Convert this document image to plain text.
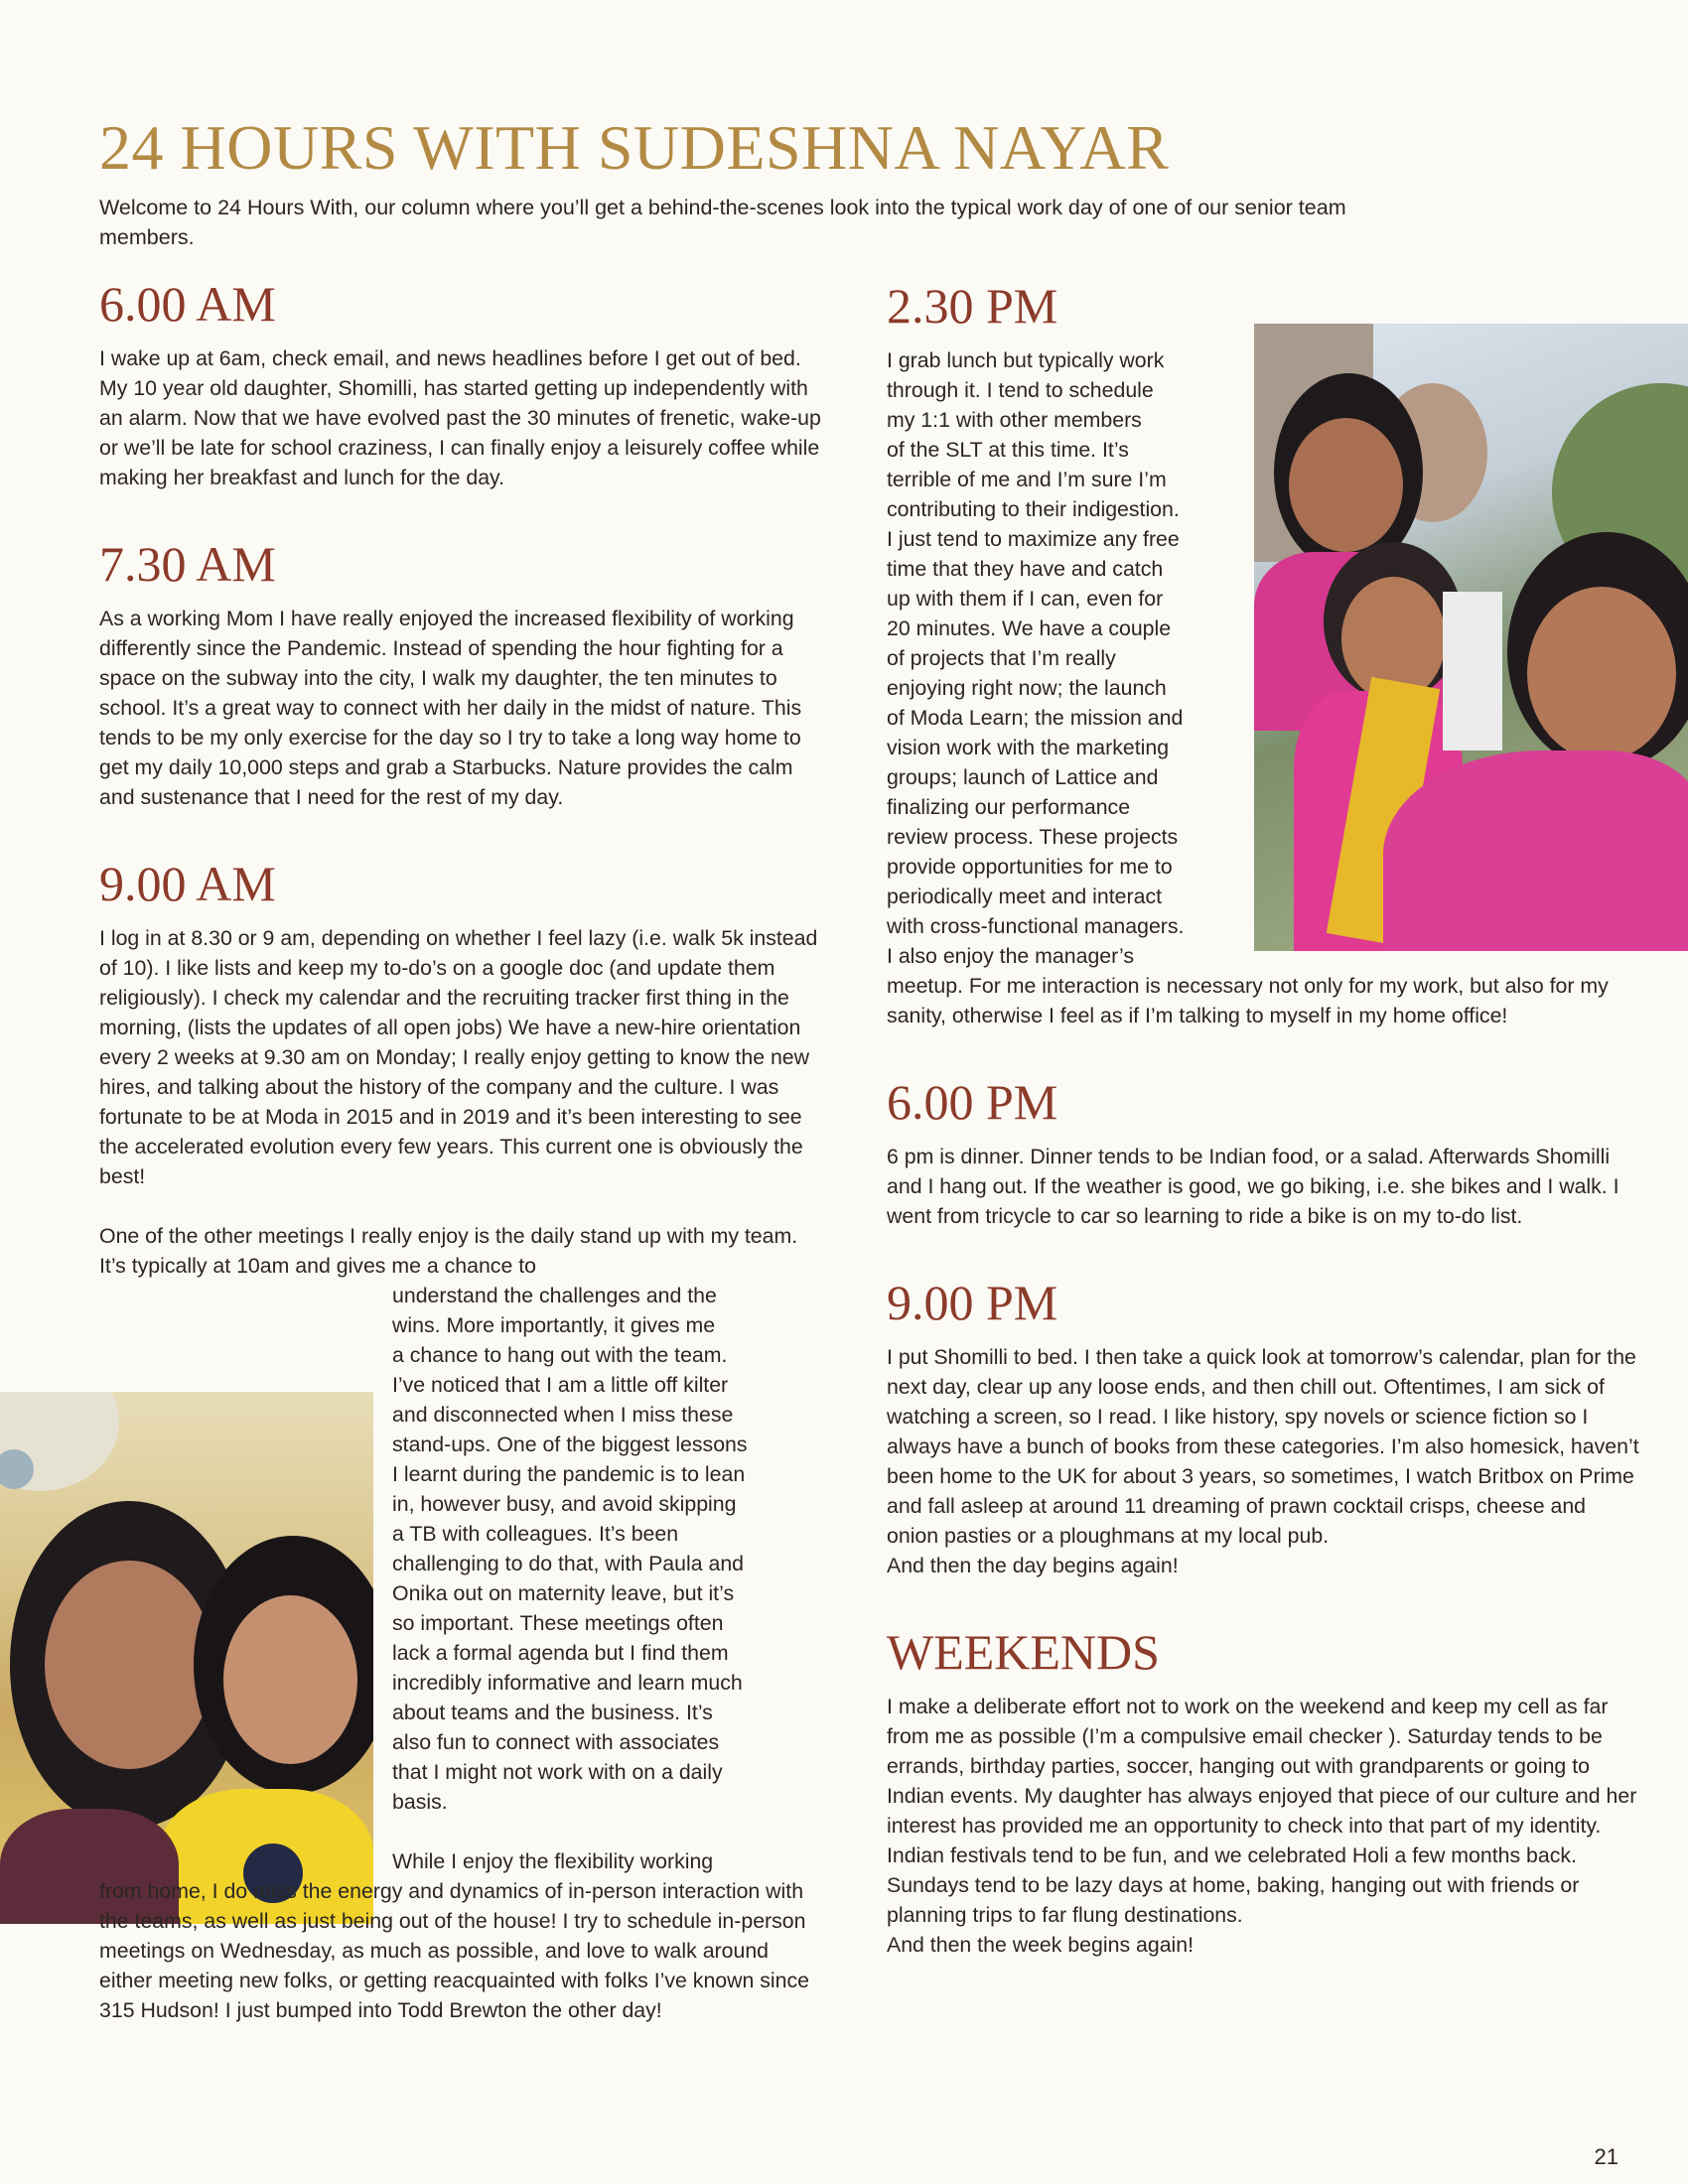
24 HOURS WITH SUDESHNA NAYAR

Welcome to 24 Hours With, our column where you’ll get a behind-the-scenes look into the typical work day of one of our senior team members.

6.00 AM

I wake up at 6am, check email, and news headlines before I get out of bed. My 10 year old daughter, Shomilli, has started getting up independently with an alarm. Now that we have evolved past the 30 minutes of frenetic, wake-up or we’ll be late for school craziness, I can finally enjoy a leisurely coffee while making her breakfast and lunch for the day.

7.30 AM

As a working Mom I have really enjoyed the increased flexibility of working differently since the Pandemic. Instead of spending the hour fighting for a space on the subway into the city, I walk my daughter, the ten minutes to school. It’s a great way to connect with her daily in the midst of nature. This tends to be my only exercise for the day so I try to take a long way home to get my daily 10,000 steps and grab a Starbucks. Nature provides the calm and sustenance that I need for the rest of my day.

9.00 AM

I log in at 8.30 or 9 am, depending on whether I feel lazy (i.e. walk 5k instead of 10). I like lists and keep my to-do’s on a google doc (and update them religiously). I check my calendar and the recruiting tracker first thing in the morning, (lists the updates of all open jobs) We have a new-hire orientation every 2 weeks at 9.30 am on Monday; I really enjoy getting to know the new hires, and talking about the history of the company and the culture. I was fortunate to be at Moda in 2015 and in 2019 and it’s been interesting to see the accelerated evolution every few years. This current one is obviously the best!

One of the other meetings I really enjoy is the daily stand up with my team. It’s typically at 10am and gives me a chance to

understand the challenges and the
wins. More importantly, it gives me
a chance to hang out with the team.
I’ve noticed that I am a little off kilter
and disconnected when I miss these
stand-ups. One of the biggest lessons
I learnt during the pandemic is to lean
in, however busy, and avoid skipping
a TB with colleagues. It’s been
challenging to do that, with Paula and
Onika out on maternity leave, but it’s
so important. These meetings often
lack a formal agenda but I find them
incredibly informative and learn much
about teams and the business. It’s
also fun to connect with associates
that I might not work with on a daily
basis.

While I enjoy the flexibility working

from home, I do miss the energy and dynamics of in-person interaction with the teams, as well as just being out of the house! I try to schedule in-person meetings on Wednesday, as much as possible, and love to walk around either meeting new folks, or getting reacquainted with folks I’ve known since 315 Hudson! I just bumped into Todd Brewton the other day!

2.30 PM

I grab lunch but typically work
through it. I tend to schedule
my 1:1 with other members
of the SLT at this time. It’s
terrible of me and I’m sure I’m
contributing to their indigestion.
I just tend to maximize any free
time that they have and catch
up with them if I can, even for
20 minutes. We have a couple
of projects that I’m really
enjoying right now; the launch
of Moda Learn; the mission and
vision work with the marketing
groups; launch of Lattice and
finalizing our performance
review process. These projects
provide opportunities for me to
periodically meet and interact
with cross-functional managers.
I also enjoy the manager’s

meetup. For me interaction is necessary not only for my work, but also for my sanity, otherwise I feel as if I’m talking to myself in my home office!

6.00 PM

6 pm is dinner. Dinner tends to be Indian food, or a salad. Afterwards Shomilli and I hang out. If the weather is good, we go biking, i.e. she bikes and I walk. I went from tricycle to car so learning to ride a bike is on my to-do list.

9.00 PM

I put Shomilli to bed. I then take a quick look at tomorrow’s calendar, plan for the next day, clear up any loose ends, and then chill out. Oftentimes, I am sick of watching a screen, so I read. I like history, spy novels or science fiction so I always have a bunch of books from these categories. I’m also homesick, haven’t been home to the UK for about 3 years, so sometimes, I watch Britbox on Prime and fall asleep at around 11 dreaming of prawn cocktail crisps, cheese and onion pasties or a ploughmans at my local pub.
And then the day begins again!

WEEKENDS

I make a deliberate effort not to work on the weekend and keep my cell as far from me as possible (I’m a compulsive email checker ). Saturday tends to be errands, birthday parties, soccer, hanging out with grandparents or going to Indian events. My daughter has always enjoyed that piece of our culture and her interest has provided me an opportunity to check into that part of my identity. Indian festivals tend to be fun, and we celebrated Holi a few months back. Sundays tend to be lazy days at home, baking, hanging out with friends or planning trips to far flung destinations.
And then the week begins again!

21
